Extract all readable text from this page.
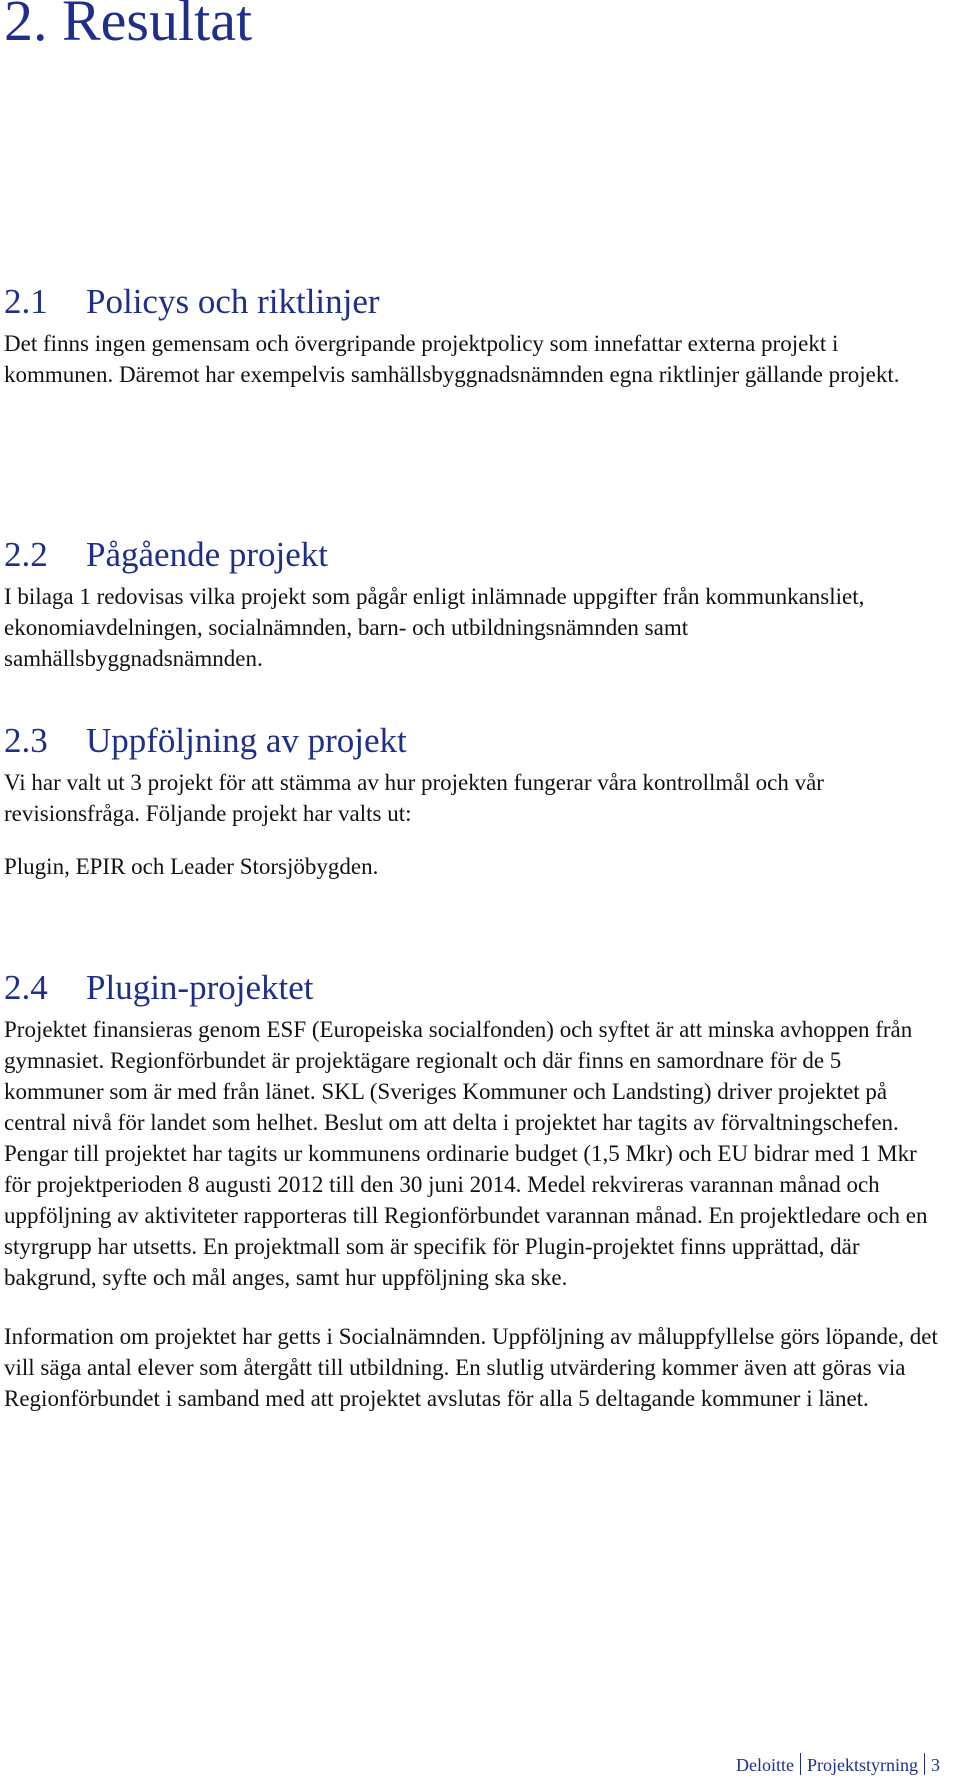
2. Resultat
2.1 Policys och riktlinjer

Det finns ingen gemensam och övergripande projektpolicy som innefattar externa projekt i kommunen. Däremot har exempelvis samhällsbyggnadsnämnden egna riktlinjer gällande projekt.

2.2 Pågående projekt

I bilaga 1 redovisas vilka projekt som pågår enligt inlämnade uppgifter från kommunkansliet, ekonomiavdelningen, socialnämnden, barn- och utbildningsnämnden samt samhällsbyggnadsnämnden.

2.3 Uppföljning av projekt

Vi har valt ut 3 projekt för att stämma av hur projekten fungerar våra kontrollmål och vår revisionsfråga. Följande projekt har valts ut:

Plugin, EPIR och Leader Storsjöbygden.

2.4 Plugin-projektet

Projektet finansieras genom ESF (Europeiska socialfonden) och syftet är att minska avhoppen från gymnasiet. Regionförbundet är projektägare regionalt och där finns en samordnare för de 5 kommuner som är med från länet. SKL (Sveriges Kommuner och Landsting) driver projektet på central nivå för landet som helhet. Beslut om att delta i projektet har tagits av förvaltningschefen. Pengar till projektet har tagits ur kommunens ordinarie budget (1,5 Mkr) och EU bidrar med 1 Mkr för projektperioden 8 augusti 2012 till den 30 juni 2014. Medel rekvireras varannan månad och uppföljning av aktiviteter rapporteras till Regionförbundet varannan månad. En projektledare och en styrgrupp har utsetts. En projektmall som är specifik för Plugin-projektet finns upprättad, där bakgrund, syfte och mål anges, samt hur uppföljning ska ske.

Information om projektet har getts i Socialnämnden. Uppföljning av måluppfyllelse görs löpande, det vill säga antal elever som återgått till utbildning. En slutlig utvärdering kommer även att göras via Regionförbundet i samband med att projektet avslutas för alla 5 deltagande kommuner i länet.

Deloitte Projektstyrning 3
